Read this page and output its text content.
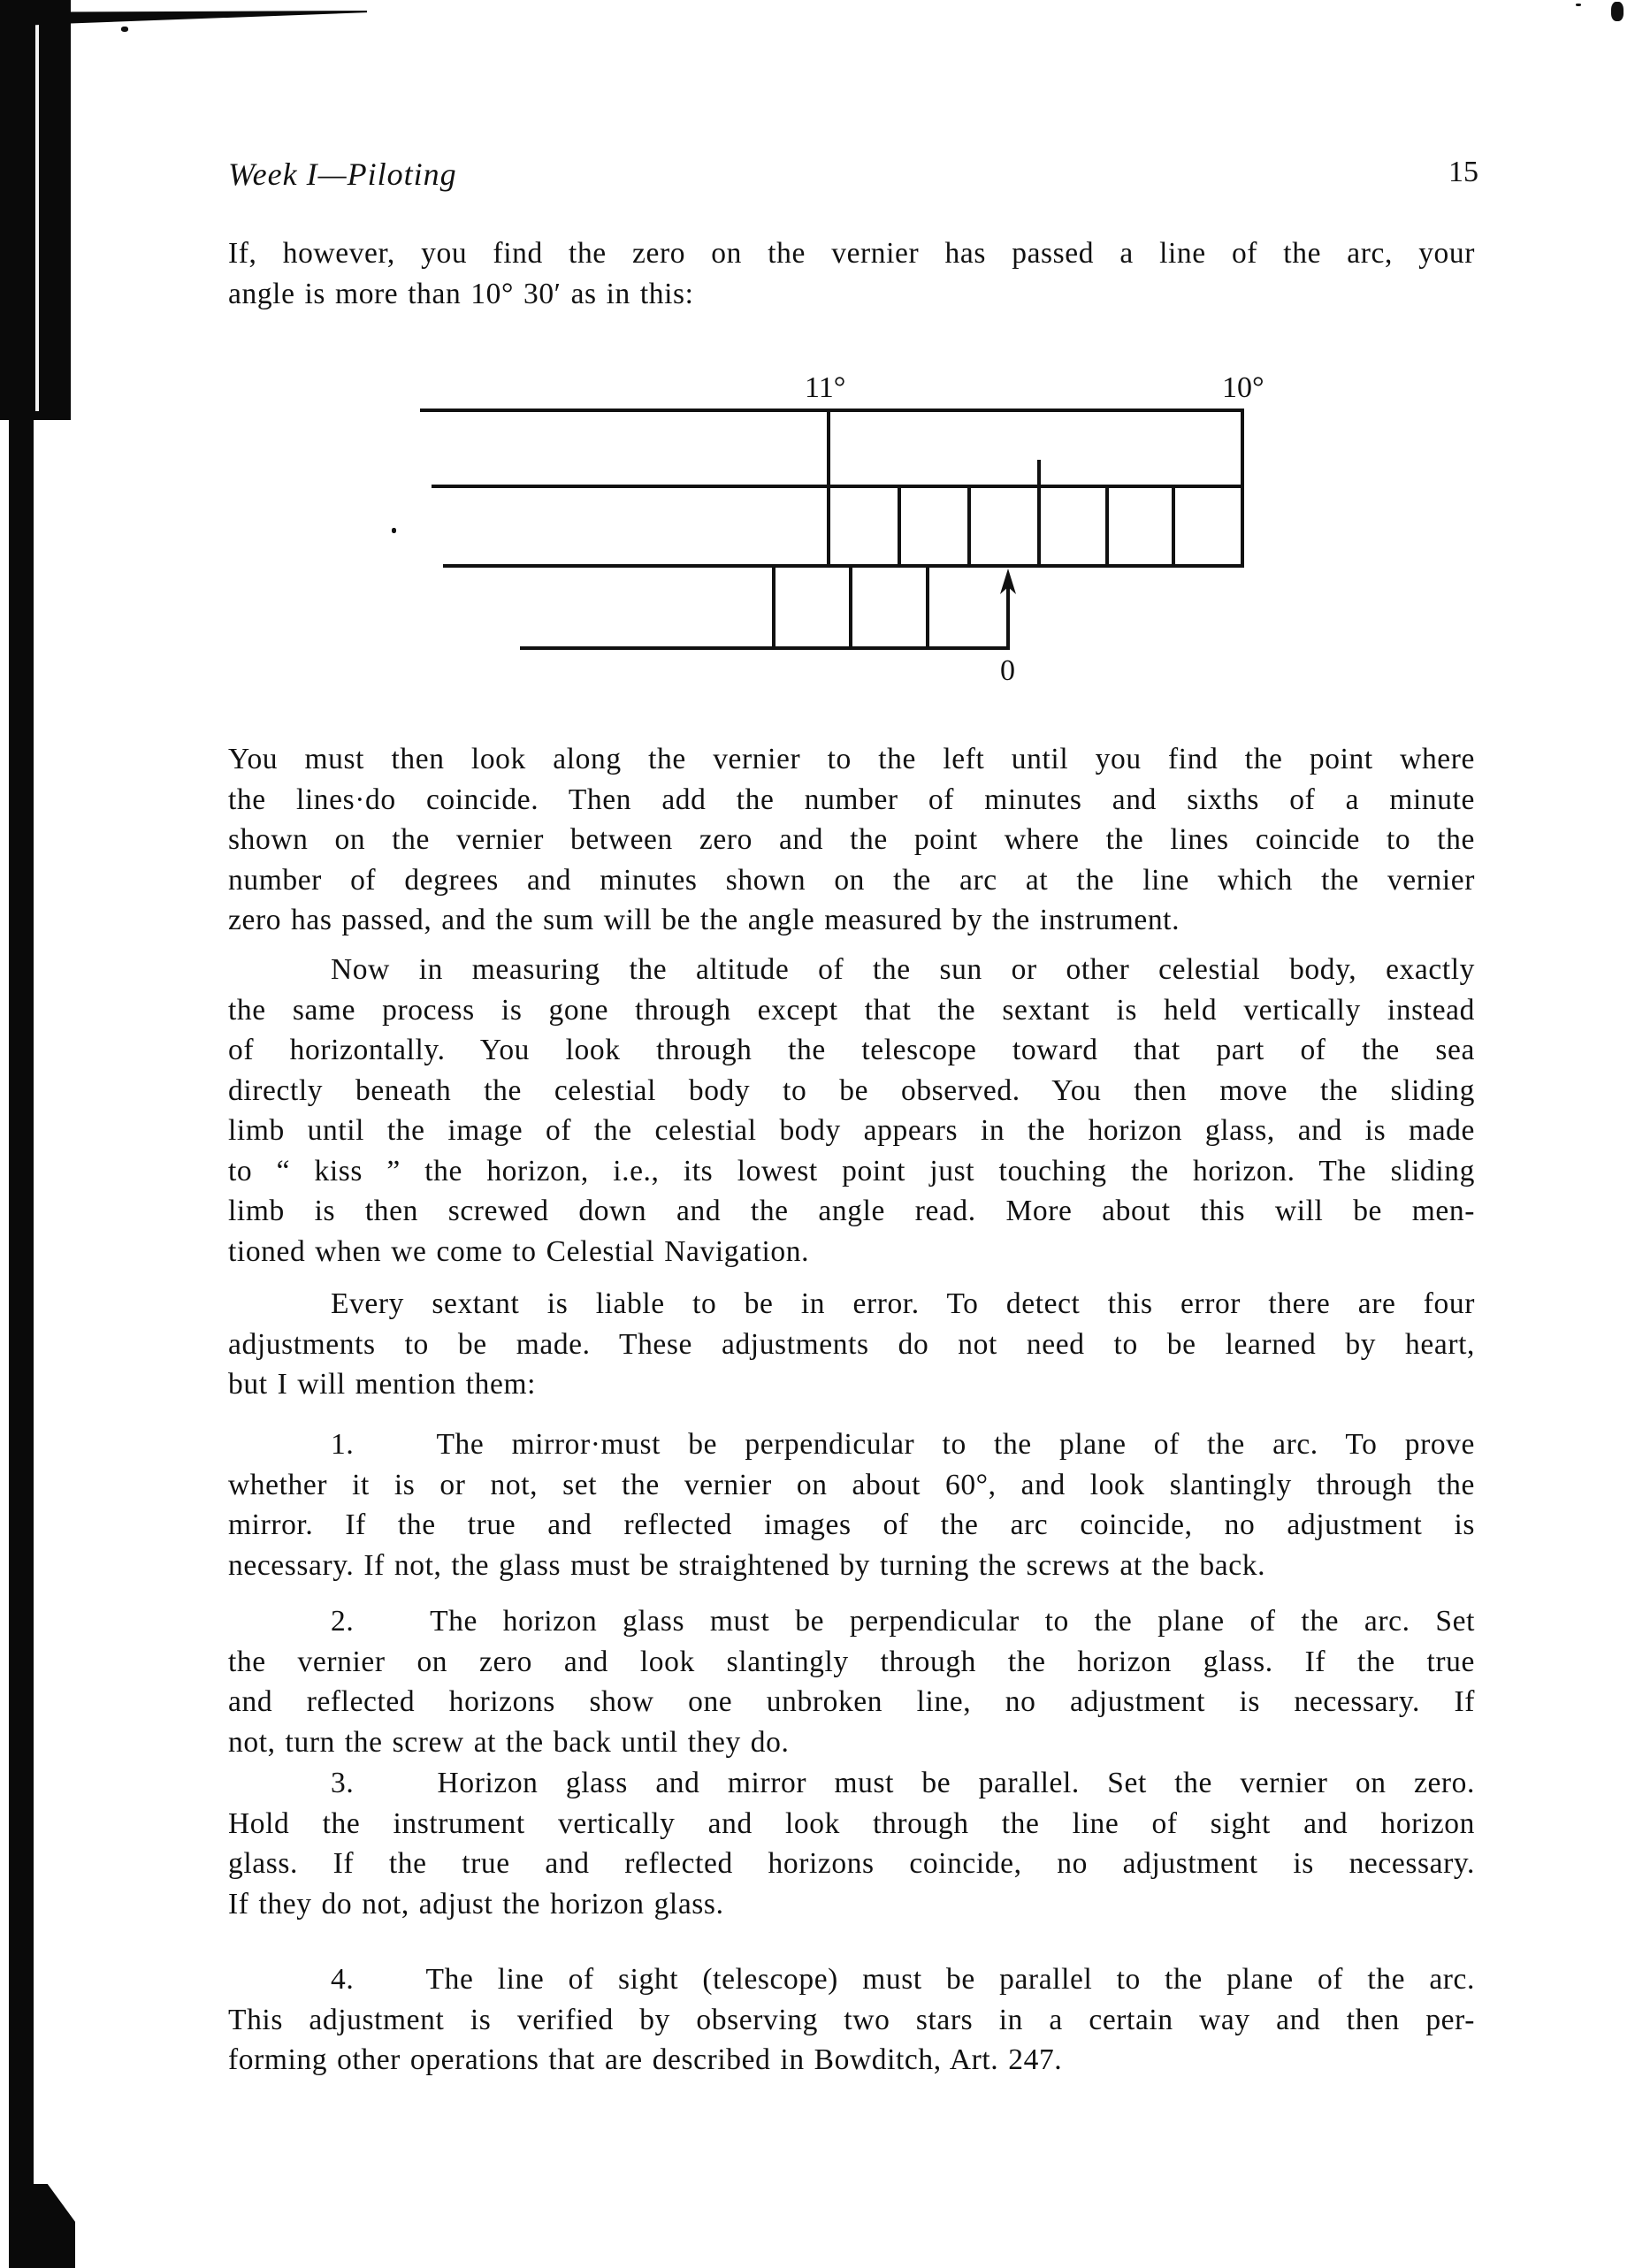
Week I—Piloting	15
If, however, you find the zero on the vernier has passed a line of the arc, your
angle is more than 10° 30′ as in this:
11°	10°
0
You must then look along the vernier to the left until you find the point where
the lines·do coincide. Then add the number of minutes and sixths of a minute
shown on the vernier between zero and the point where the lines coincide to the
number of degrees and minutes shown on the arc at the line which the vernier
zero has passed, and the sum will be the angle measured by the instrument.
Now in measuring the altitude of the sun or other celestial body, exactly
the same process is gone through except that the sextant is held vertically instead
of horizontally. You look through the telescope toward that part of the sea
directly beneath the celestial body to be observed. You then move the sliding
limb until the image of the celestial body appears in the horizon glass, and is made
to “ kiss ” the horizon, i.e., its lowest point just touching the horizon. The sliding
limb is then screwed down and the angle read. More about this will be men-
tioned when we come to Celestial Navigation.
Every sextant is liable to be in error. To detect this error there are four
adjustments to be made. These adjustments do not need to be learned by heart,
but I will mention them:
1.	The mirror·must be perpendicular to the plane of the arc. To prove
whether it is or not, set the vernier on about 60°, and look slantingly through the
mirror. If the true and reflected images of the arc coincide, no adjustment is
necessary. If not, the glass must be straightened by turning the screws at the back.
2.	The horizon glass must be perpendicular to the plane of the arc. Set
the vernier on zero and look slantingly through the horizon glass. If the true
and reflected horizons show one unbroken line, no adjustment is necessary. If
not, turn the screw at the back until they do.
3.	Horizon glass and mirror must be parallel. Set the vernier on zero.
Hold the instrument vertically and look through the line of sight and horizon
glass. If the true and reflected horizons coincide, no adjustment is necessary.
If they do not, adjust the horizon glass.
4. The line of sight (telescope) must be parallel to the plane of the arc.
This adjustment is verified by observing two stars in a certain way and then per-
forming other operations that are described in Bowditch, Art. 247.
